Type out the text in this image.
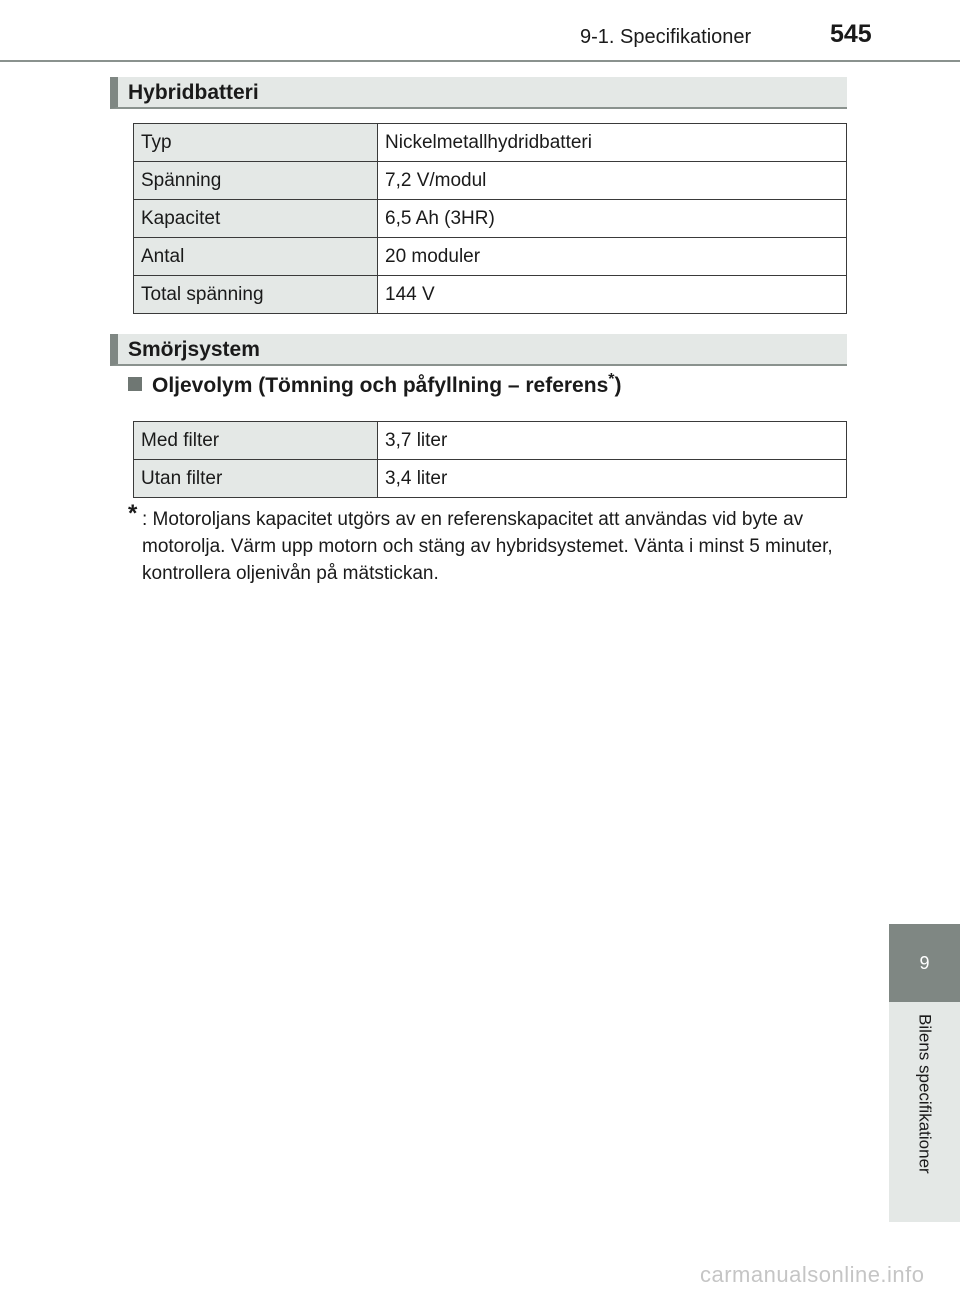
9-1. Specifikationer	545
Hybridbatteri
Typ	Nickelmetallhydridbatteri
Spänning	7,2 V/modul
Kapacitet	6,5 Ah (3HR)
Antal	20 moduler
Total spänning	144 V
Smörjsystem
Oljevolym (Tömning och påfyllning – referens*)
Med filter	3,7 liter
Utan filter	3,4 liter
* : Motoroljans kapacitet utgörs av en referenskapacitet att användas vid byte av motorolja. Värm upp motorn och stäng av hybridsystemet. Vänta i minst 5 minuter, kontrollera oljenivån på mätstickan.
9
Bilens specifikationer
carmanualsonline.info
